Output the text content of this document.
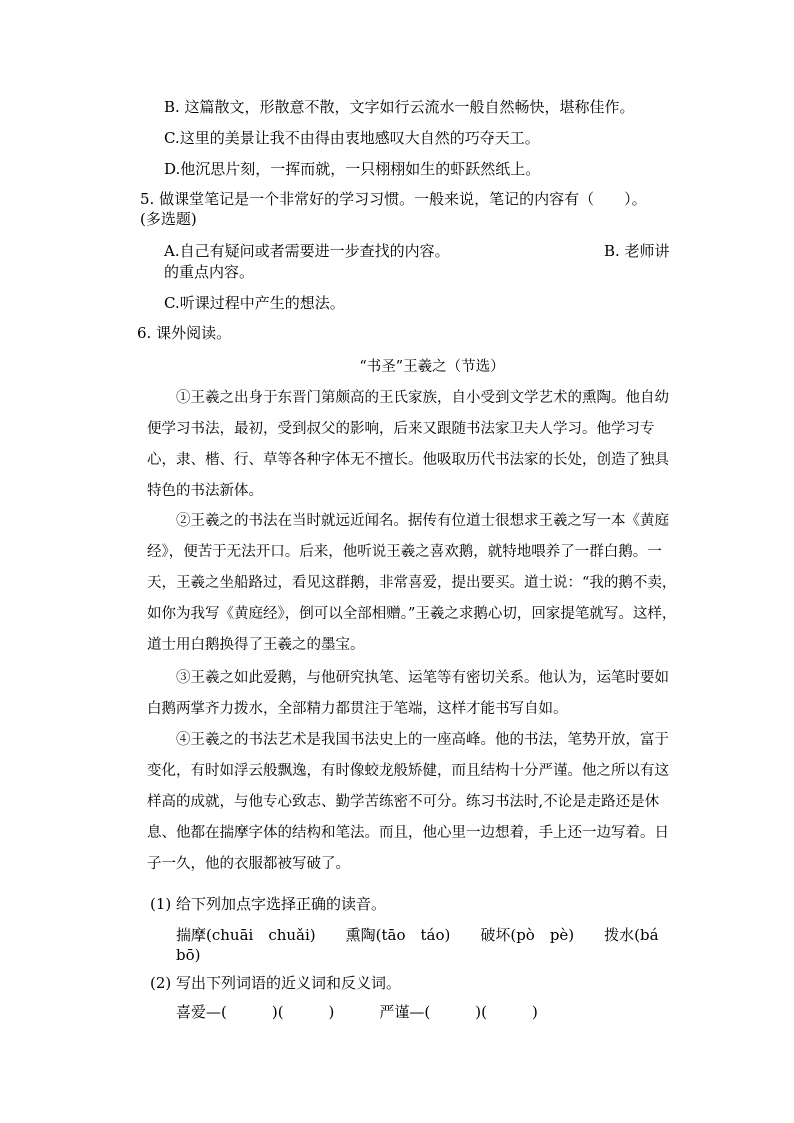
B. 这篇散文，形散意不散，文字如行云流水一般自然畅快，堪称佳作。
C.这里的美景让我不由得由衷地感叹大自然的巧夺天工。
D.他沉思片刻，一挥而就，一只栩栩如生的虾跃然纸上。
5. 做课堂笔记是一个非常好的学习习惯。一般来说，笔记的内容有（　　）。
(多选题)
A.自己有疑问或者需要进一步查找的内容。	B. 老师讲
的重点内容。
C.听课过程中产生的想法。
6. 课外阅读。
“书圣”王羲之（节选）
①王羲之出身于东晋门第颇高的王氏家族，自小受到文学艺术的熏陶。他自幼便学习书法，最初，受到叔父的影响，后来又跟随书法家卫夫人学习。他学习专心，隶、楷、行、草等各种字体无不擅长。他吸取历代书法家的长处，创造了独具特色的书法新体。
②王羲之的书法在当时就远近闻名。据传有位道士很想求王羲之写一本《黄庭经》，便苦于无法开口。后来，他听说王羲之喜欢鹅，就特地喂养了一群白鹅。一天，王羲之坐船路过，看见这群鹅，非常喜爱，提出要买。道士说：“我的鹅不卖，如你为我写《黄庭经》，倒可以全部相赠。”王羲之求鹅心切，回家提笔就写。这样，道士用白鹅换得了王羲之的墨宝。
③王羲之如此爱鹅，与他研究执笔、运笔等有密切关系。他认为，运笔时要如白鹅两掌齐力拨水，全部精力都贯注于笔端，这样才能书写自如。
④王羲之的书法艺术是我国书法史上的一座高峰。他的书法，笔势开放，富于变化，有时如浮云般飘逸，有时像蛟龙般矫健，而且结构十分严谨。他之所以有这样高的成就，与他专心致志、勤学苦练密不可分。练习书法时,不论是走路还是休息、他都在揣摩字体的结构和笔法。而且，他心里一边想着，手上还一边写着。日子一久，他的衣服都被写破了。
(1) 给下列加点字选择正确的读音。
揣摩(chuāi　chuǎi)　　熏陶(tāo　táo)　　破坏(pò　pè)　　拨水(bá
bō)
(2) 写出下列词语的近义词和反义词。
喜爱—(　　　)(　　　)　　　严谨—(　　　)(　　　)
